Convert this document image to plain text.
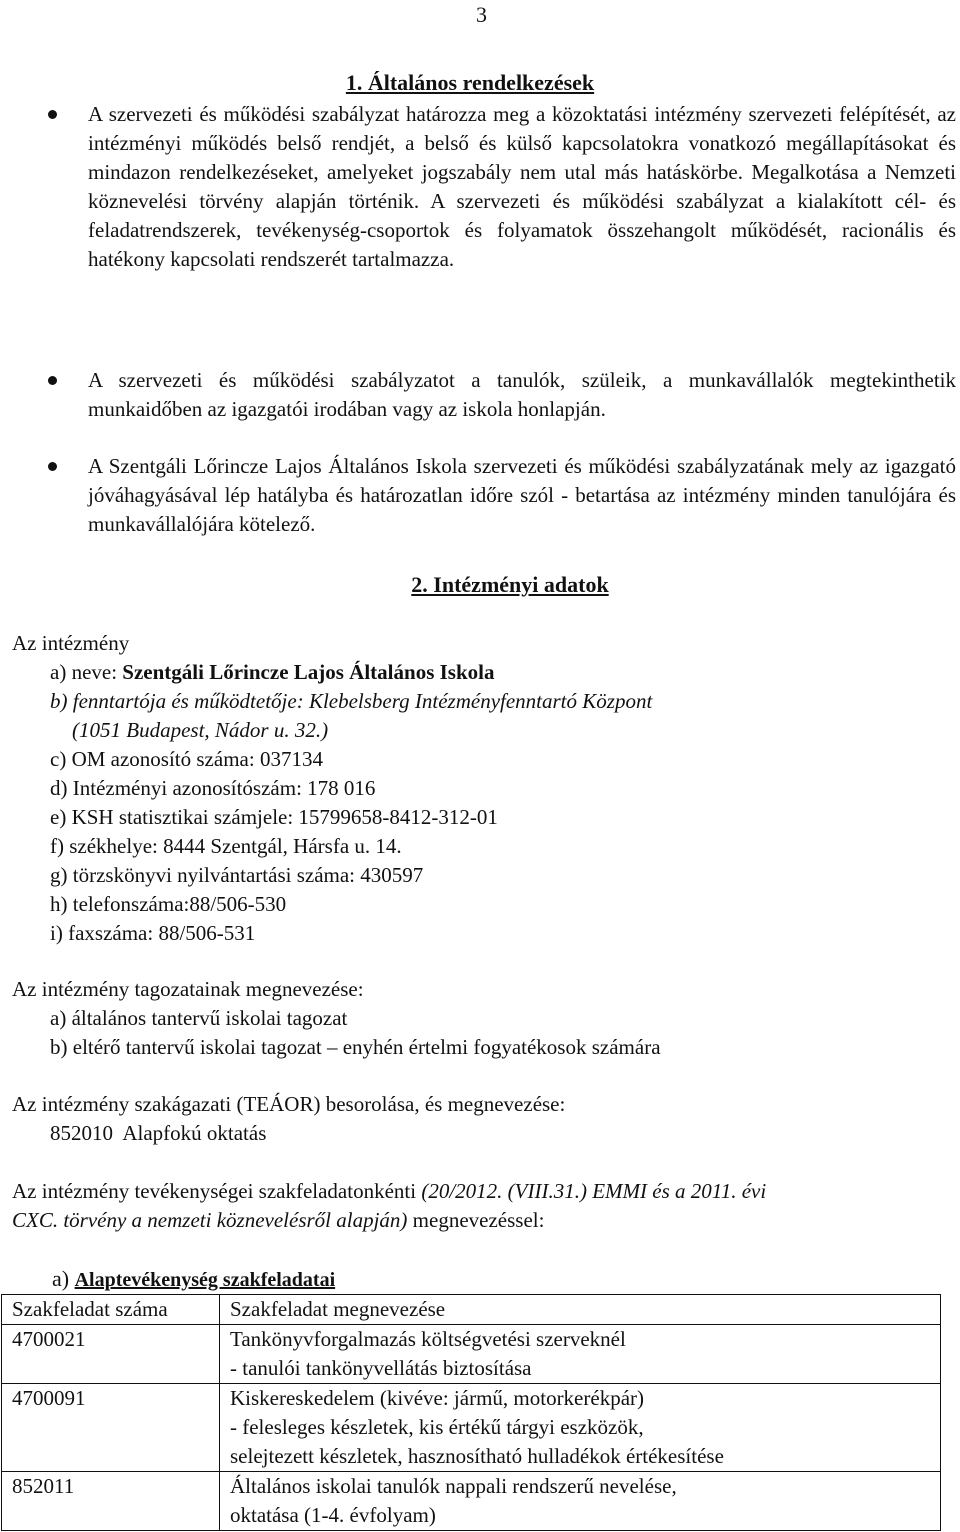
3
1. Általános rendelkezések
A szervezeti és működési szabályzat határozza meg a közoktatási intézmény szervezeti felépítését, az intézményi működés belső rendjét, a belső és külső kapcsolatokra vonatkozó megállapításokat és mindazon rendelkezéseket, amelyeket jogszabály nem utal más hatáskörbe. Megalkotása a Nemzeti köznevelési törvény alapján történik. A szervezeti és működési szabályzat a kialakított cél- és feladatrendszerek, tevékenység-csoportok és folyamatok összehangolt működését, racionális és hatékony kapcsolati rendszerét tartalmazza.
A szervezeti és működési szabályzatot a tanulók, szüleik, a munkavállalók megtekinthetik munkaidőben az igazgatói irodában vagy az iskola honlapján.
A Szentgáli Lőrincze Lajos Általános Iskola szervezeti és működési szabályzatának mely az igazgató jóváhagyásával lép hatályba és határozatlan időre szól - betartása az intézmény minden tanulójára és munkavállalójára kötelező.
2. Intézményi adatok
Az intézmény
a) neve: Szentgáli Lőrincze Lajos Általános Iskola
b) fenntartója és működtetője: Klebelsberg Intézményfenntartó Központ
(1051 Budapest, Nádor u. 32.)
c) OM azonosító száma: 037134
d) Intézményi azonosítószám: 178 016
e) KSH statisztikai számjele: 15799658-8412-312-01
f) székhelye: 8444 Szentgál, Hársfa u. 14.
g) törzskönyvi nyilvántartási száma: 430597
h) telefonszáma:88/506-530
i) faxszáma: 88/506-531
Az intézmény tagozatainak megnevezése:
a) általános tantervű iskolai tagozat
b) eltérő tantervű iskolai tagozat – enyhén értelmi fogyatékosok számára
Az intézmény szakágazati (TEÁOR) besorolása, és megnevezése:
852010  Alapfokú oktatás
Az intézmény tevékenységei szakfeladatonkénti (20/2012. (VIII.31.) EMMI és a 2011. évi
CXC. törvény a nemzeti köznevelésről alapján) megnevezéssel:
a) Alaptevékenység szakfeladatai
Szakfeladat száma	Szakfeladat megnevezése
4700021	Tankönyvforgalmazás költségvetési szerveknél
- tanulói tankönyvellátás biztosítása

4700091	Kiskereskedelem (kivéve: jármű, motorkerékpár)
- felesleges készletek, kis értékű tárgyi eszközök,
selejtezett készletek, hasznosítható hulladékok értékesítése

852011	Általános iskolai tanulók nappali rendszerű nevelése,
oktatása (1-4. évfolyam)
